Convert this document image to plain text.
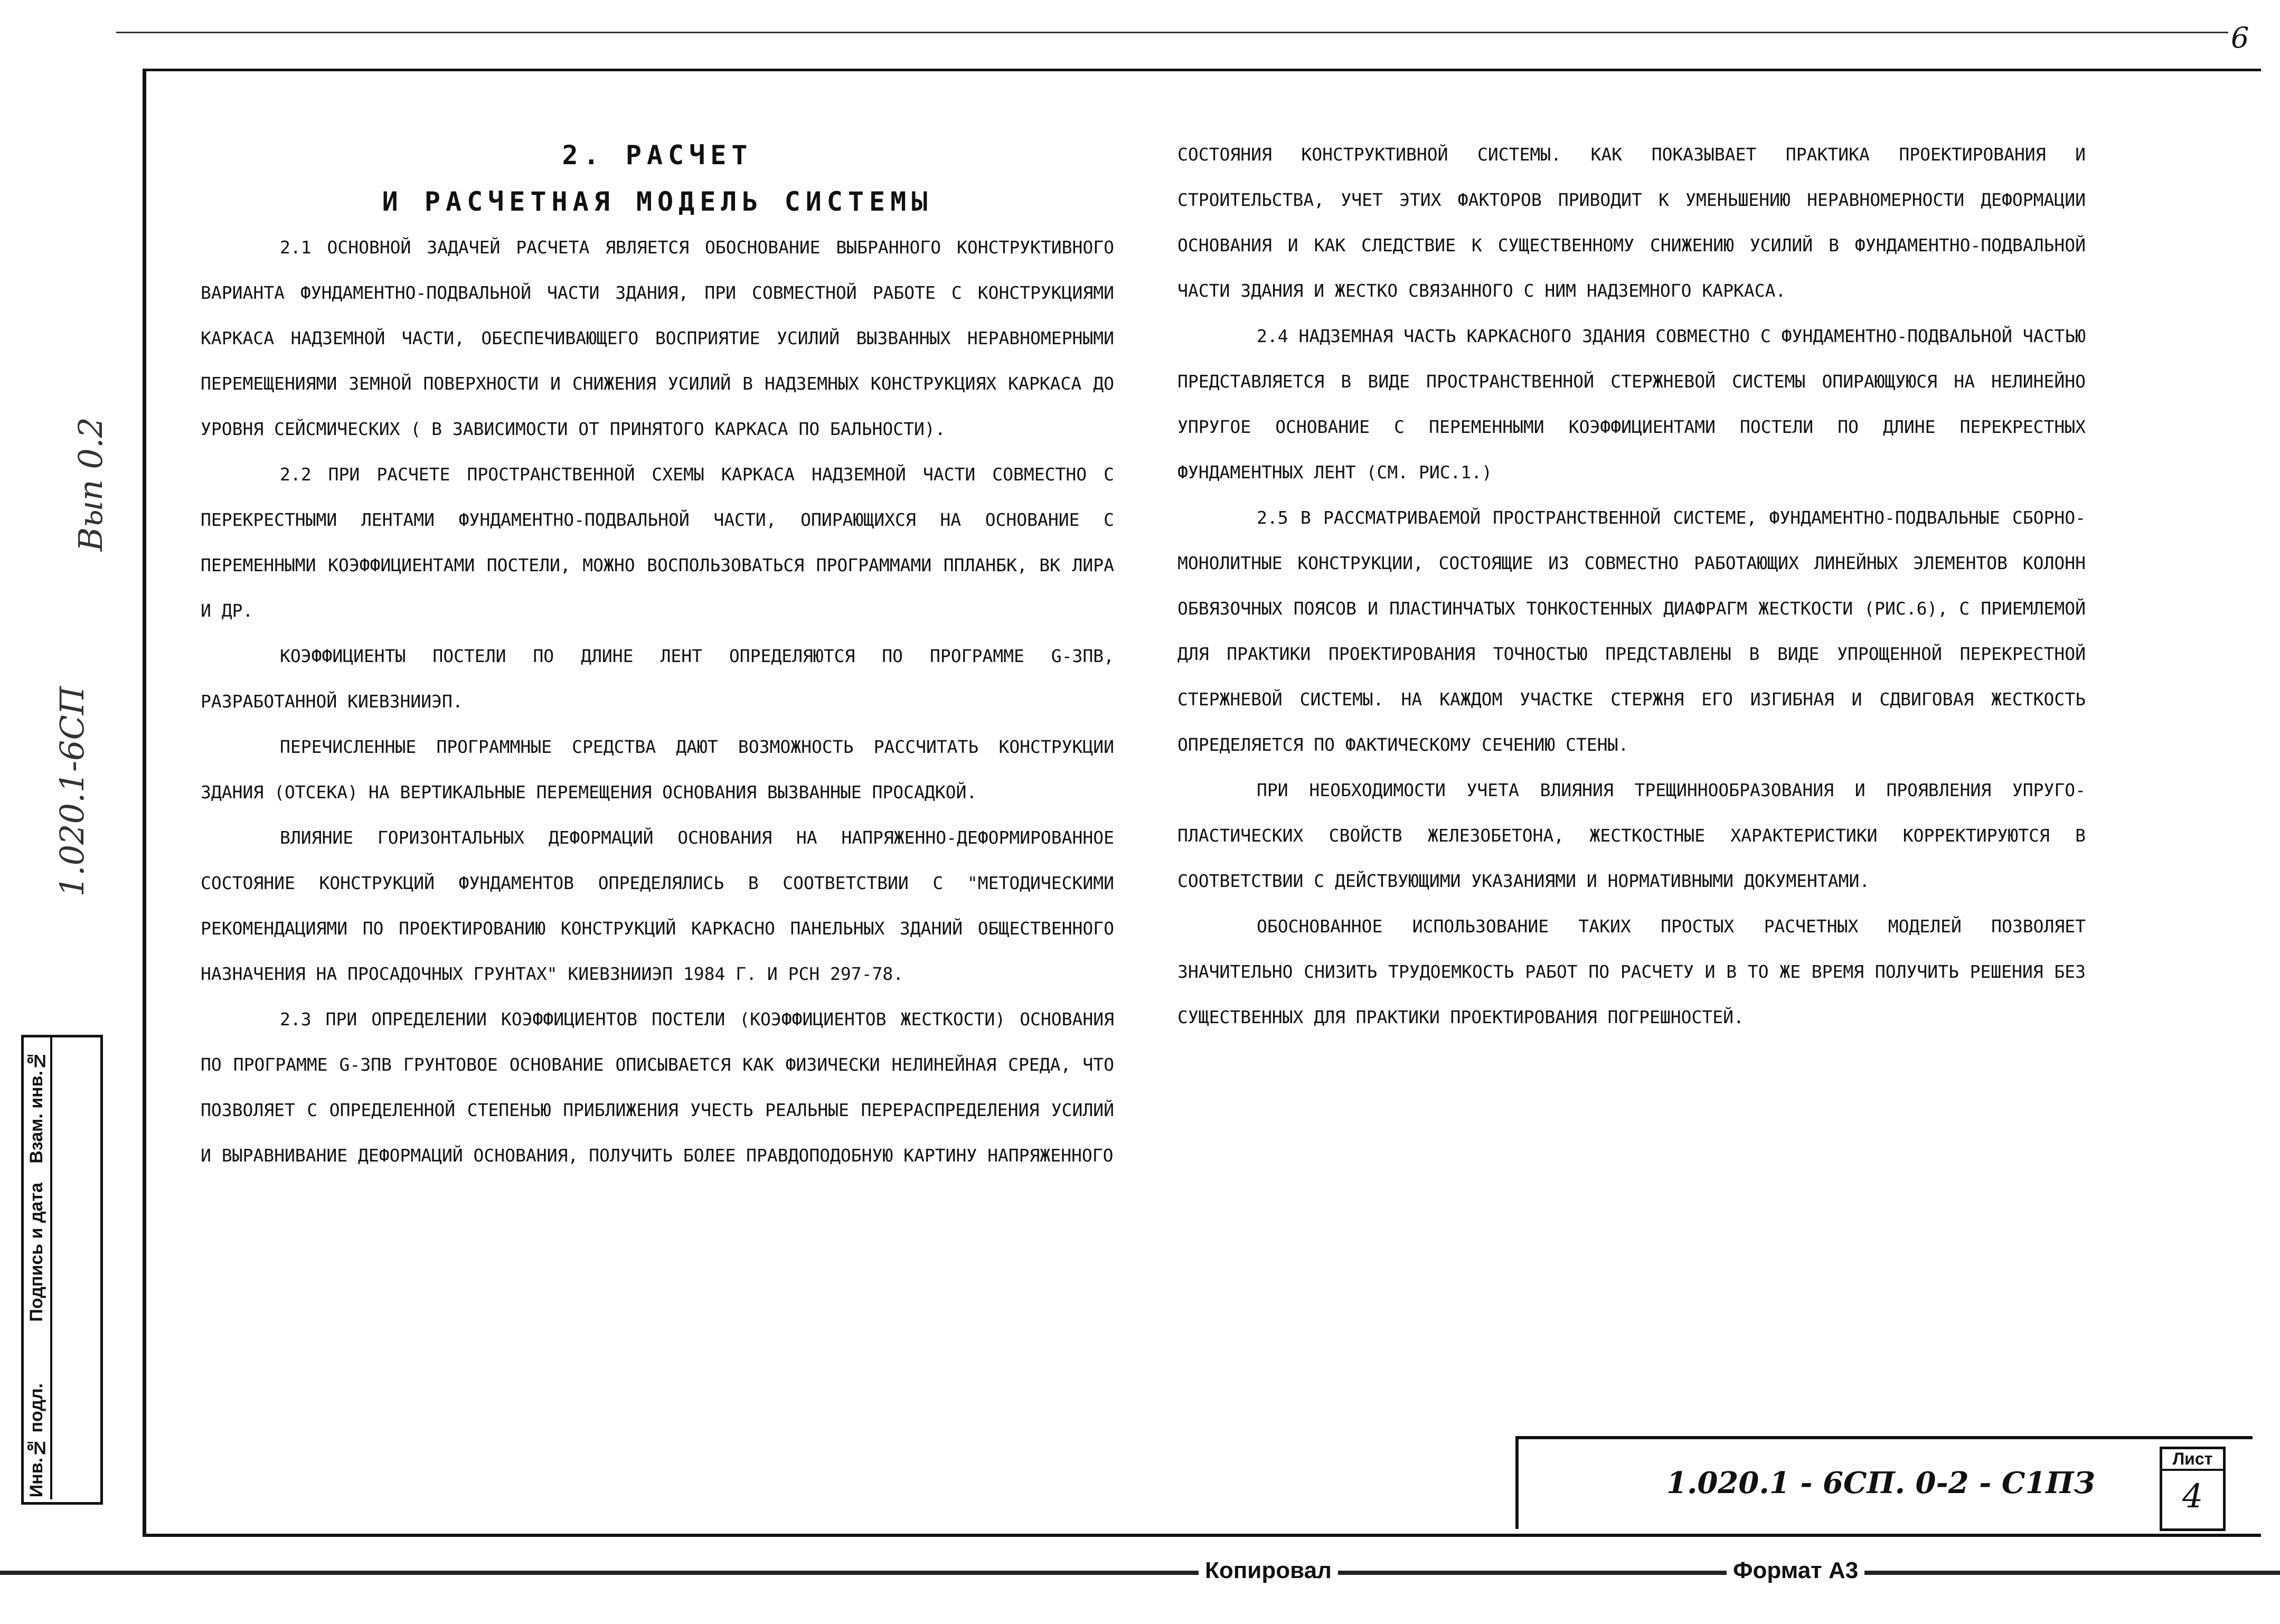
6
Вып 0.2
1.020.1-6СП
Инв.№ подл.
Подпись и дата
Взам. инв.№
2. РАСЧЕТ
И РАСЧЕТНАЯ МОДЕЛЬ СИСТЕМЫ

2.1 ОСНОВНОЙ ЗАДАЧЕЙ РАСЧЕТА ЯВЛЯЕТСЯ ОБОСНОВАНИЕ ВЫБРАННОГО КОНСТРУКТИВНОГО ВАРИАНТА ФУНДАМЕНТНО-ПОДВАЛЬНОЙ ЧАСТИ ЗДАНИЯ, ПРИ СОВМЕСТНОЙ РАБОТЕ С КОНСТРУКЦИЯМИ КАРКАСА НАДЗЕМНОЙ ЧАСТИ, ОБЕСПЕЧИВАЮЩЕГО ВОСПРИЯТИЕ УСИЛИЙ ВЫЗВАННЫХ НЕРАВНОМЕРНЫМИ ПЕРЕМЕЩЕНИЯМИ ЗЕМНОЙ ПОВЕРХНОСТИ И СНИЖЕНИЯ УСИЛИЙ В НАДЗЕМНЫХ КОНСТРУКЦИЯХ КАРКАСА ДО УРОВНЯ СЕЙСМИЧЕСКИХ ( В ЗАВИСИМОСТИ ОТ ПРИНЯТОГО КАРКАСА ПО БАЛЬНОСТИ).

2.2 ПРИ РАСЧЕТЕ ПРОСТРАНСТВЕННОЙ СХЕМЫ КАРКАСА НАДЗЕМНОЙ ЧАСТИ СОВМЕСТНО С ПЕРЕКРЕСТНЫМИ ЛЕНТАМИ ФУНДАМЕНТНО-ПОДВАЛЬНОЙ ЧАСТИ, ОПИРАЮЩИХСЯ НА ОСНОВАНИЕ С ПЕРЕМЕННЫМИ КОЭФФИЦИЕНТАМИ ПОСТЕЛИ, МОЖНО ВОСПОЛЬЗОВАТЬСЯ ПРОГРАММАМИ ППЛАНБК, ВК ЛИРА И ДР.

КОЭФФИЦИЕНТЫ ПОСТЕЛИ ПО ДЛИНЕ ЛЕНТ ОПРЕДЕЛЯЮТСЯ ПО ПРОГРАММЕ G-3ПВ, РАЗРАБОТАННОЙ КИЕВЗНИИЭП.

ПЕРЕЧИСЛЕННЫЕ ПРОГРАММНЫЕ СРЕДСТВА ДАЮТ ВОЗМОЖНОСТЬ РАССЧИТАТЬ КОНСТРУКЦИИ ЗДАНИЯ (ОТСЕКА) НА ВЕРТИКАЛЬНЫЕ ПЕРЕМЕЩЕНИЯ ОСНОВАНИЯ ВЫЗВАННЫЕ ПРОСАДКОЙ.

ВЛИЯНИЕ ГОРИЗОНТАЛЬНЫХ ДЕФОРМАЦИЙ ОСНОВАНИЯ НА НАПРЯЖЕННО-ДЕФОРМИРОВАННОЕ СОСТОЯНИЕ КОНСТРУКЦИЙ ФУНДАМЕНТОВ ОПРЕДЕЛЯЛИСЬ В СООТВЕТСТВИИ С "МЕТОДИЧЕСКИМИ РЕКОМЕНДАЦИЯМИ ПО ПРОЕКТИРОВАНИЮ КОНСТРУКЦИЙ КАРКАСНО ПАНЕЛЬНЫХ ЗДАНИЙ ОБЩЕСТВЕННОГО НАЗНАЧЕНИЯ НА ПРОСАДОЧНЫХ ГРУНТАХ" КИЕВЗНИИЭП 1984 Г. И РСН 297-78.

2.3 ПРИ ОПРЕДЕЛЕНИИ КОЭФФИЦИЕНТОВ ПОСТЕЛИ (КОЭФФИЦИЕНТОВ ЖЕСТКОСТИ) ОСНОВАНИЯ ПО ПРОГРАММЕ G-3ПВ ГРУНТОВОЕ ОСНОВАНИЕ ОПИСЫВАЕТСЯ КАК ФИЗИЧЕСКИ НЕЛИНЕЙНАЯ СРЕДА, ЧТО ПОЗВОЛЯЕТ С ОПРЕДЕЛЕННОЙ СТЕПЕНЬЮ ПРИБЛИЖЕНИЯ УЧЕСТЬ РЕАЛЬНЫЕ ПЕРЕРАСПРЕДЕЛЕНИЯ УСИЛИЙ И ВЫРАВНИВАНИЕ ДЕФОРМАЦИЙ ОСНОВАНИЯ, ПОЛУЧИТЬ БОЛЕЕ ПРАВДОПОДОБНУЮ КАРТИНУ НАПРЯЖЕННОГО

СОСТОЯНИЯ КОНСТРУКТИВНОЙ СИСТЕМЫ. КАК ПОКАЗЫВАЕТ ПРАКТИКА ПРОЕКТИРОВАНИЯ И СТРОИТЕЛЬСТВА, УЧЕТ ЭТИХ ФАКТОРОВ ПРИВОДИТ К УМЕНЬШЕНИЮ НЕРАВНОМЕРНОСТИ ДЕФОРМАЦИИ ОСНОВАНИЯ И КАК СЛЕДСТВИЕ К СУЩЕСТВЕННОМУ СНИЖЕНИЮ УСИЛИЙ В ФУНДАМЕНТНО-ПОДВАЛЬНОЙ ЧАСТИ ЗДАНИЯ И ЖЕСТКО СВЯЗАННОГО С НИМ НАДЗЕМНОГО КАРКАСА.

2.4 НАДЗЕМНАЯ ЧАСТЬ КАРКАСНОГО ЗДАНИЯ СОВМЕСТНО С ФУНДАМЕНТНО-ПОДВАЛЬНОЙ ЧАСТЬЮ ПРЕДСТАВЛЯЕТСЯ В ВИДЕ ПРОСТРАНСТВЕННОЙ СТЕРЖНЕВОЙ СИСТЕМЫ ОПИРАЮЩУЮСЯ НА НЕЛИНЕЙНО УПРУГОЕ ОСНОВАНИЕ С ПЕРЕМЕННЫМИ КОЭФФИЦИЕНТАМИ ПОСТЕЛИ ПО ДЛИНЕ ПЕРЕКРЕСТНЫХ ФУНДАМЕНТНЫХ ЛЕНТ (СМ. РИС.1.)

2.5 В РАССМАТРИВАЕМОЙ ПРОСТРАНСТВЕННОЙ СИСТЕМЕ, ФУНДАМЕНТНО-ПОДВАЛЬНЫЕ СБОРНО-МОНОЛИТНЫЕ КОНСТРУКЦИИ, СОСТОЯЩИЕ ИЗ СОВМЕСТНО РАБОТАЮЩИХ ЛИНЕЙНЫХ ЭЛЕМЕНТОВ КОЛОНН ОБВЯЗОЧНЫХ ПОЯСОВ И ПЛАСТИНЧАТЫХ ТОНКОСТЕННЫХ ДИАФРАГМ ЖЕСТКОСТИ (РИС.6), С ПРИЕМЛЕМОЙ ДЛЯ ПРАКТИКИ ПРОЕКТИРОВАНИЯ ТОЧНОСТЬЮ ПРЕДСТАВЛЕНЫ В ВИДЕ УПРОЩЕННОЙ ПЕРЕКРЕСТНОЙ СТЕРЖНЕВОЙ СИСТЕМЫ. НА КАЖДОМ УЧАСТКЕ СТЕРЖНЯ ЕГО ИЗГИБНАЯ И СДВИГОВАЯ ЖЕСТКОСТЬ ОПРЕДЕЛЯЕТСЯ ПО ФАКТИЧЕСКОМУ СЕЧЕНИЮ СТЕНЫ.

ПРИ НЕОБХОДИМОСТИ УЧЕТА ВЛИЯНИЯ ТРЕЩИННООБРАЗОВАНИЯ И ПРОЯВЛЕНИЯ УПРУГО-ПЛАСТИЧЕСКИХ СВОЙСТВ ЖЕЛЕЗОБЕТОНА, ЖЕСТКОСТНЫЕ ХАРАКТЕРИСТИКИ КОРРЕКТИРУЮТСЯ В СООТВЕТСТВИИ С ДЕЙСТВУЮЩИМИ УКАЗАНИЯМИ И НОРМАТИВНЫМИ ДОКУМЕНТАМИ.

ОБОСНОВАННОЕ ИСПОЛЬЗОВАНИЕ ТАКИХ ПРОСТЫХ РАСЧЕТНЫХ МОДЕЛЕЙ ПОЗВОЛЯЕТ ЗНАЧИТЕЛЬНО СНИЗИТЬ ТРУДОЕМКОСТЬ РАБОТ ПО РАСЧЕТУ И В ТО ЖЕ ВРЕМЯ ПОЛУЧИТЬ РЕШЕНИЯ БЕЗ СУЩЕСТВЕННЫХ ДЛЯ ПРАКТИКИ ПРОЕКТИРОВАНИЯ ПОГРЕШНОСТЕЙ.

1.020.1 - 6СП. 0-2 - С1ПЗ
Лист
4
Копировал	Формат А3
